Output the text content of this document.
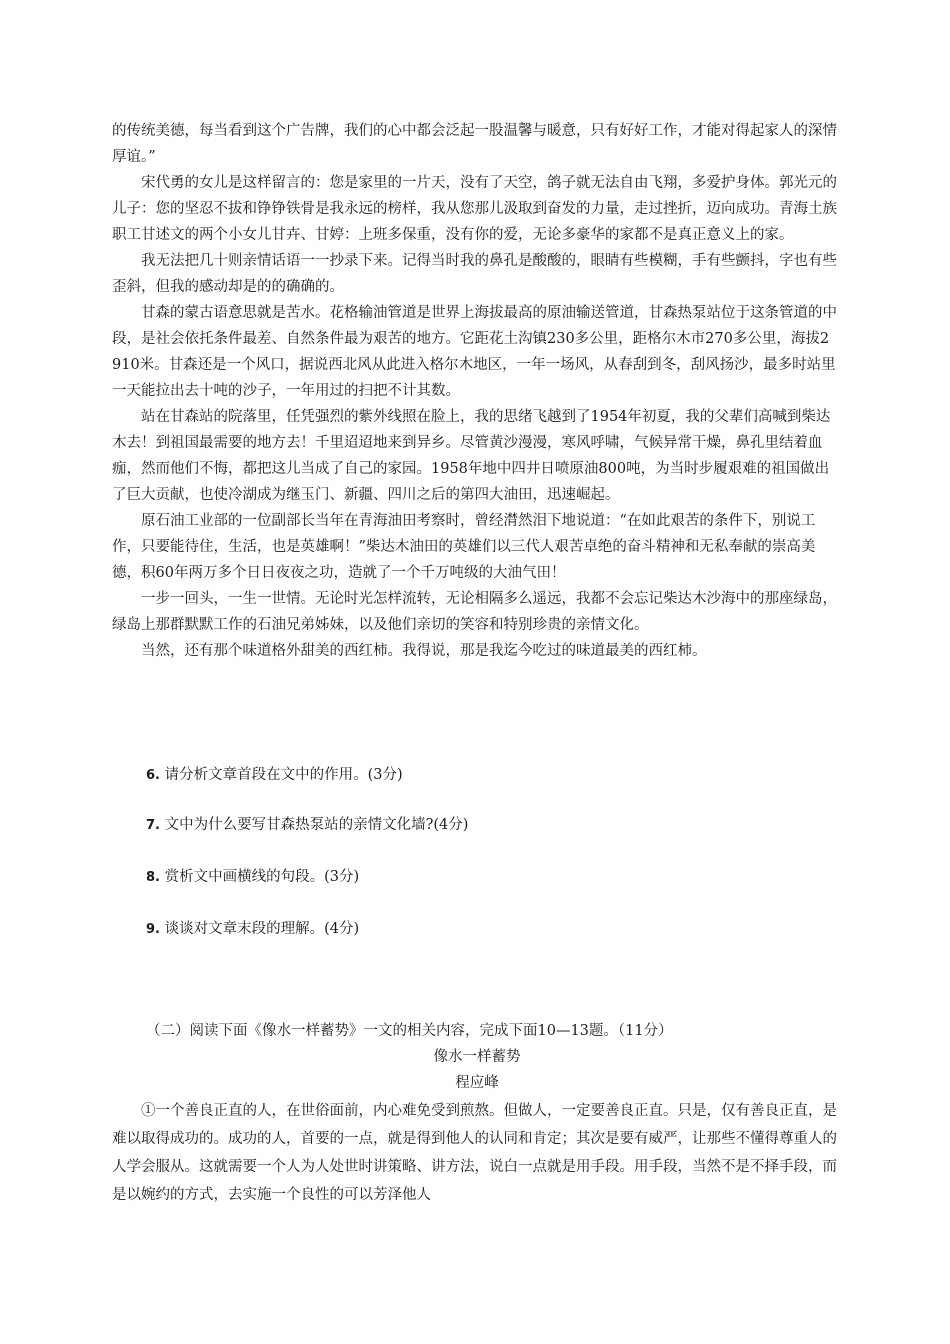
的传统美德，每当看到这个广告牌，我们的心中都会泛起一股温馨与暖意，只有好好工作，才能对得起家人的深情厚谊。”

宋代勇的女儿是这样留言的：您是家里的一片天，没有了天空，鸽子就无法自由飞翔，多爱护身体。郭光元的儿子：您的坚忍不拔和铮铮铁骨是我永远的榜样，我从您那儿汲取到奋发的力量，走过挫折，迈向成功。青海土族职工甘述文的两个小女儿甘卉、甘婷：上班多保重，没有你的爱，无论多豪华的家都不是真正意义上的家。

我无法把几十则亲情话语一一抄录下来。记得当时我的鼻孔是酸酸的，眼睛有些模糊，手有些颤抖，字也有些歪斜，但我的感动却是的的确确的。

甘森的蒙古语意思就是苦水。花格输油管道是世界上海拔最高的原油输送管道，甘森热泵站位于这条管道的中段，是社会依托条件最差、自然条件最为艰苦的地方。它距花土沟镇230多公里，距格尔木市270多公里，海拔2 910米。甘森还是一个风口，据说西北风从此进入格尔木地区，一年一场风，从春刮到冬，刮风扬沙，最多时站里一天能拉出去十吨的沙子，一年用过的扫把不计其数。

站在甘森站的院落里，任凭强烈的紫外线照在脸上，我的思绪飞越到了1954年初夏，我的父辈们高喊到柴达木去！到祖国最需要的地方去！千里迢迢地来到异乡。尽管黄沙漫漫，寒风呼啸，气候异常干燥，鼻孔里结着血痂，然而他们不悔，都把这儿当成了自己的家园。1958年地中四井日喷原油800吨，为当时步履艰难的祖国做出了巨大贡献，也使冷湖成为继玉门、新疆、四川之后的第四大油田，迅速崛起。

原石油工业部的一位副部长当年在青海油田考察时，曾经潸然泪下地说道：“在如此艰苦的条件下，别说工作，只要能待住，生活，也是英雄啊！”柴达木油田的英雄们以三代人艰苦卓绝的奋斗精神和无私奉献的崇高美德，积60年两万多个日日夜夜之功，造就了一个千万吨级的大油气田！

一步一回头，一生一世情。无论时光怎样流转，无论相隔多么遥远，我都不会忘记柴达木沙海中的那座绿岛，绿岛上那群默默工作的石油兄弟姊妹，以及他们亲切的笑容和特别珍贵的亲情文化。

当然，还有那个味道格外甜美的西红柿。我得说，那是我迄今吃过的味道最美的西红柿。

6. 请分析文章首段在文中的作用。(3分)
7. 文中为什么要写甘森热泵站的亲情文化墙?(4分)
8. 赏析文中画横线的句段。(3分)
9. 谈谈对文章末段的理解。(4分)
（二）阅读下面《像水一样蓄势》一文的相关内容，完成下面10—13题。（11分）
像水一样蓄势
程应峰

①一个善良正直的人，在世俗面前，内心难免受到煎熬。但做人，一定要善良正直。只是，仅有善良正直，是难以取得成功的。成功的人，首要的一点，就是得到他人的认同和肯定；其次是要有威严，让那些不懂得尊重人的人学会服从。这就需要一个人为人处世时讲策略、讲方法，说白一点就是用手段。用手段，当然不是不择手段，而是以婉约的方式，去实施一个良性的可以芳泽他人
